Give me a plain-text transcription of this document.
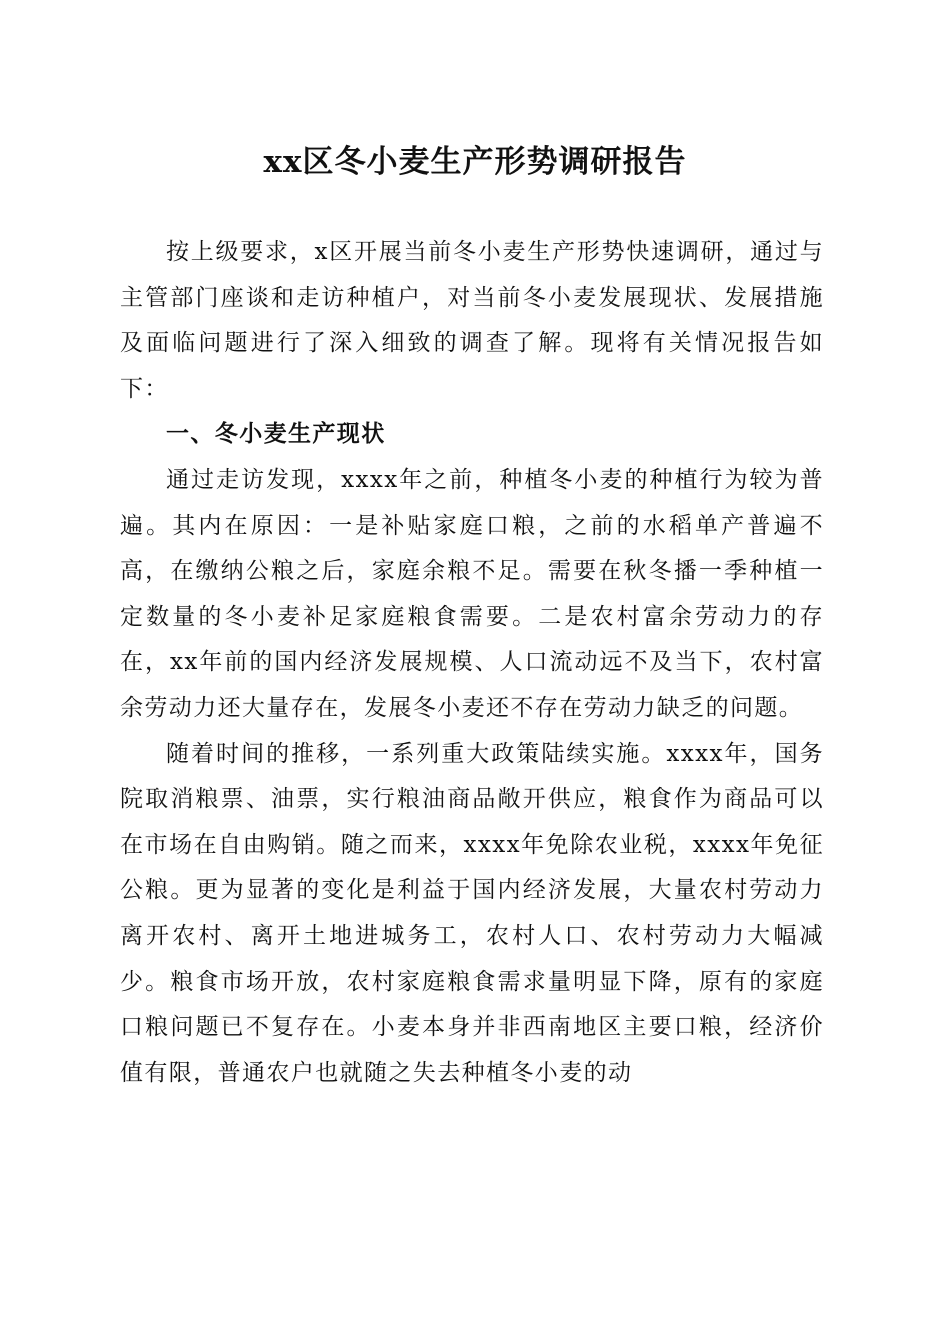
xx区冬小麦生产形势调研报告

按上级要求，x区开展当前冬小麦生产形势快速调研，通过与主管部门座谈和走访种植户，对当前冬小麦发展现状、发展措施及面临问题进行了深入细致的调查了解。现将有关情况报告如下：

一、冬小麦生产现状

通过走访发现，xxxx年之前，种植冬小麦的种植行为较为普遍。其内在原因：一是补贴家庭口粮，之前的水稻单产普遍不高，在缴纳公粮之后，家庭余粮不足。需要在秋冬播一季种植一定数量的冬小麦补足家庭粮食需要。二是农村富余劳动力的存在，xx年前的国内经济发展规模、人口流动远不及当下，农村富余劳动力还大量存在，发展冬小麦还不存在劳动力缺乏的问题。

随着时间的推移，一系列重大政策陆续实施。xxxx年，国务院取消粮票、油票，实行粮油商品敞开供应，粮食作为商品可以在市场在自由购销。随之而来，xxxx年免除农业税，xxxx年免征公粮。更为显著的变化是利益于国内经济发展，大量农村劳动力离开农村、离开土地进城务工，农村人口、农村劳动力大幅减少。粮食市场开放，农村家庭粮食需求量明显下降，原有的家庭口粮问题已不复存在。小麦本身并非西南地区主要口粮，经济价值有限，普通农户也就随之失去种植冬小麦的动
